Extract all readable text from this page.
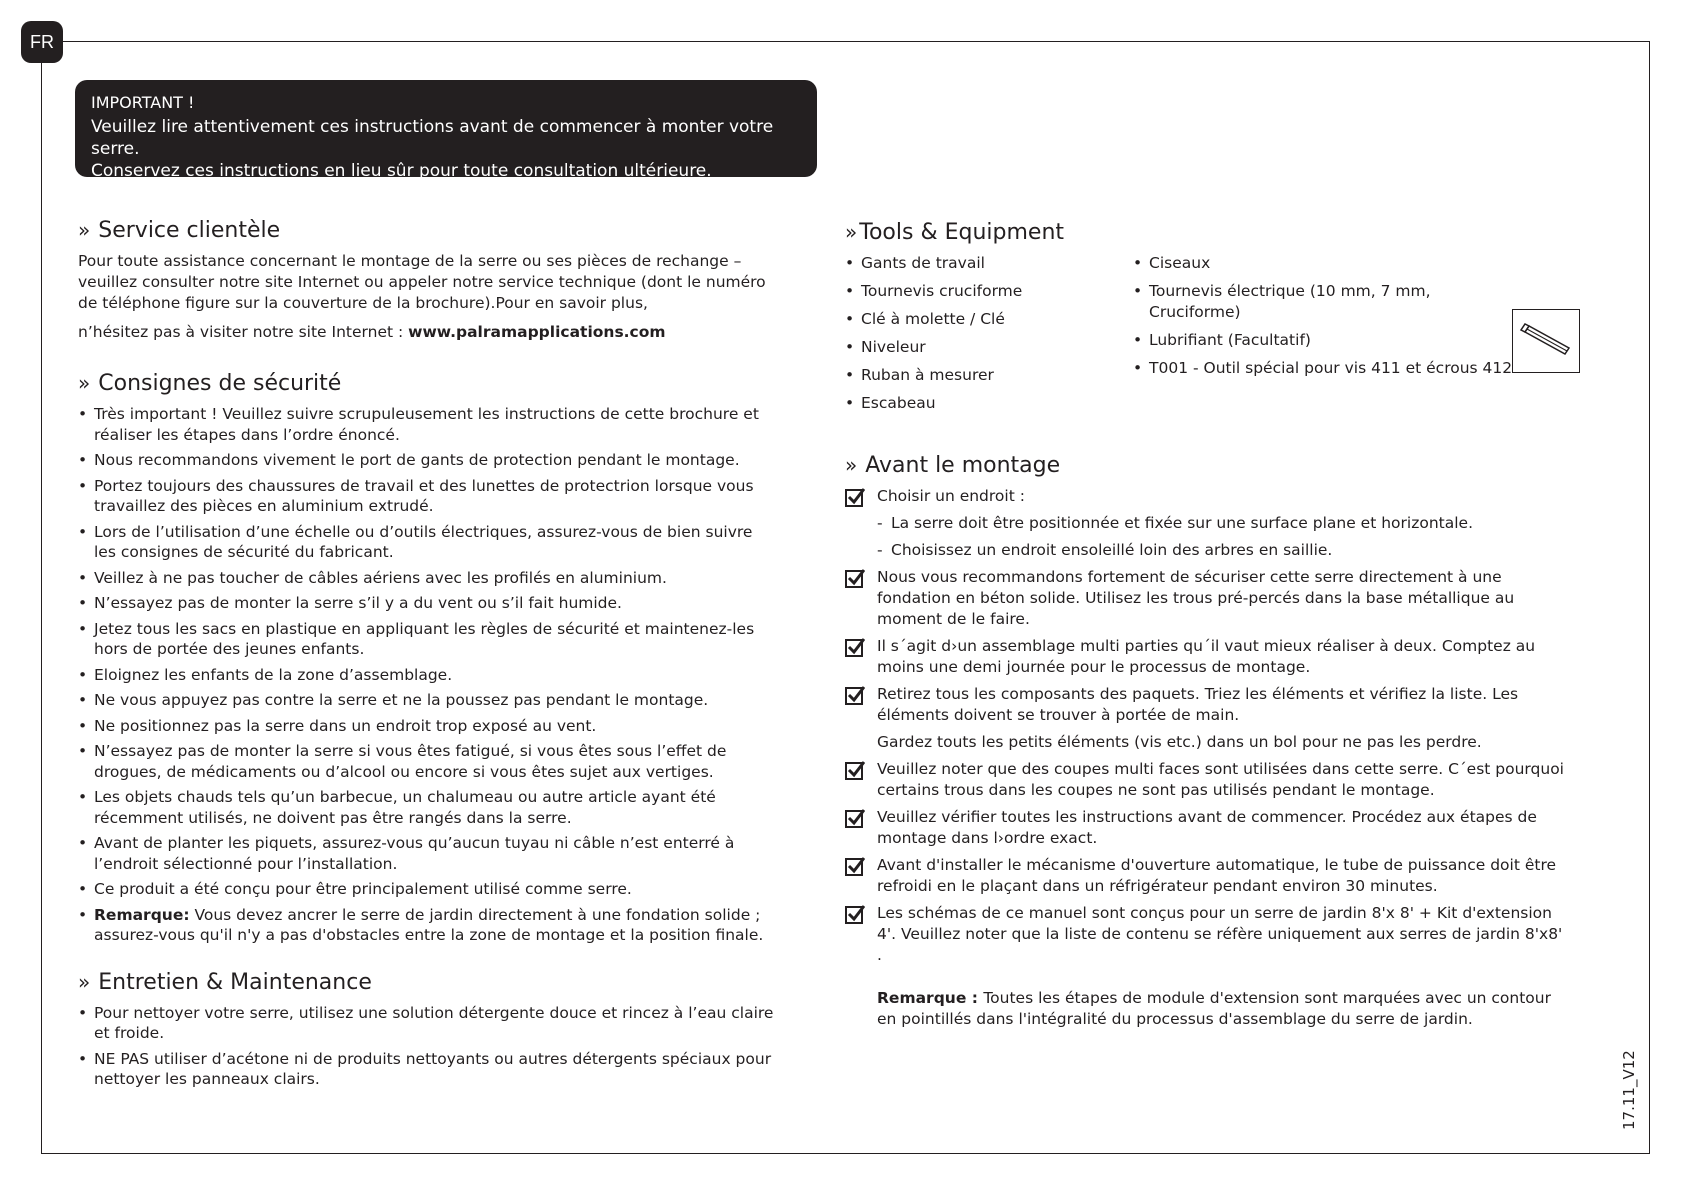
FR
IMPORTANT !
Veuillez lire attentivement ces instructions avant de commencer à monter votre serre.
Conservez ces instructions en lieu sûr pour toute consultation ultérieure.
» Service clientèle

Pour toute assistance concernant le montage de la serre ou ses pièces de rechange – veuillez consulter notre site Internet ou appeler notre service technique (dont le numéro de téléphone figure sur la couverture de la brochure).Pour en savoir plus,

n’hésitez pas à visiter notre site Internet : www.palramapplications.com

» Consignes de sécurité
• Très important ! Veuillez suivre scrupuleusement les instructions de cette brochure et réaliser les étapes dans l’ordre énoncé.
• Nous recommandons vivement le port de gants de protection pendant le montage.
• Portez toujours des chaussures de travail et des lunettes de protectrion lorsque vous travaillez des pièces en aluminium extrudé.
• Lors de l’utilisation d’une échelle ou d’outils électriques, assurez-vous de bien suivre les consignes de sécurité du fabricant.
• Veillez à ne pas toucher de câbles aériens avec les profilés en aluminium.
• N’essayez pas de monter la serre s’il y a du vent ou s’il fait humide.
• Jetez tous les sacs en plastique en appliquant les règles de sécurité et maintenez-les hors de portée des jeunes enfants.
• Eloignez les enfants de la zone d’assemblage.
• Ne vous appuyez pas contre la serre et ne la poussez pas pendant le montage.
• Ne positionnez pas la serre dans un endroit trop exposé au vent.
• N’essayez pas de monter la serre si vous êtes fatigué, si vous êtes sous l’effet de drogues, de médicaments ou d’alcool ou encore si vous êtes sujet aux vertiges.
• Les objets chauds tels qu’un barbecue, un chalumeau ou autre article ayant été récemment utilisés, ne doivent pas être rangés dans la serre.
• Avant de planter les piquets, assurez-vous qu’aucun tuyau ni câble n’est enterré à l’endroit sélectionné pour l’installation.
• Ce produit a été conçu pour être principalement utilisé comme serre.
• Remarque: Vous devez ancrer le serre de jardin directement à une fondation solide ; assurez-vous qu'il n'y a pas d'obstacles entre la zone de montage et la position finale.
» Entretien & Maintenance
• Pour nettoyer votre serre, utilisez une solution détergente douce et rincez à l’eau claire et froide.
• NE PAS utiliser d’acétone ni de produits nettoyants ou autres détergents spéciaux pour nettoyer les panneaux clairs.
»Tools & Equipment
• Gants de travail
• Tournevis cruciforme
• Clé à molette / Clé
• Niveleur
• Ruban à mesurer
• Escabeau
• Ciseaux
• Tournevis électrique (10 mm, 7 mm, Cruciforme)
• Lubrifiant (Facultatif)
• T001 - Outil spécial pour vis 411 et écrous 412
» Avant le montage
Choisir un endroit :
- La serre doit être positionnée et fixée sur une surface plane et horizontale.
- Choisissez un endroit ensoleillé loin des arbres en saillie.
Nous vous recommandons fortement de sécuriser cette serre directement à une fondation en béton solide. Utilisez les trous pré-percés dans la base métallique au moment de le faire.
Il s´agit d›un assemblage multi parties qu´il vaut mieux réaliser à deux. Comptez au moins une demi journée pour le processus de montage.
Retirez tous les composants des paquets. Triez les éléments et vérifiez la liste. Les éléments doivent se trouver à portée de main.
Gardez touts les petits éléments (vis etc.) dans un bol pour ne pas les perdre.
Veuillez noter que des coupes multi faces sont utilisées dans cette serre. C´est pourquoi certains trous dans les coupes ne sont pas utilisés pendant le montage.
Veuillez vérifier toutes les instructions avant de commencer. Procédez aux étapes de montage dans l›ordre exact.
Avant d'installer le mécanisme d'ouverture automatique, le tube de puissance doit être refroidi en le plaçant dans un réfrigérateur pendant environ 30 minutes.
Les schémas de ce manuel sont conçus pour un serre de jardin 8'x 8' + Kit d'extension 4'. Veuillez noter que la liste de contenu se réfère uniquement aux serres de jardin 8'x8' .
Remarque : Toutes les étapes de module d'extension sont marquées avec un contour en pointillés dans l'intégralité du processus d'assemblage du serre de jardin.
17.11_V12
